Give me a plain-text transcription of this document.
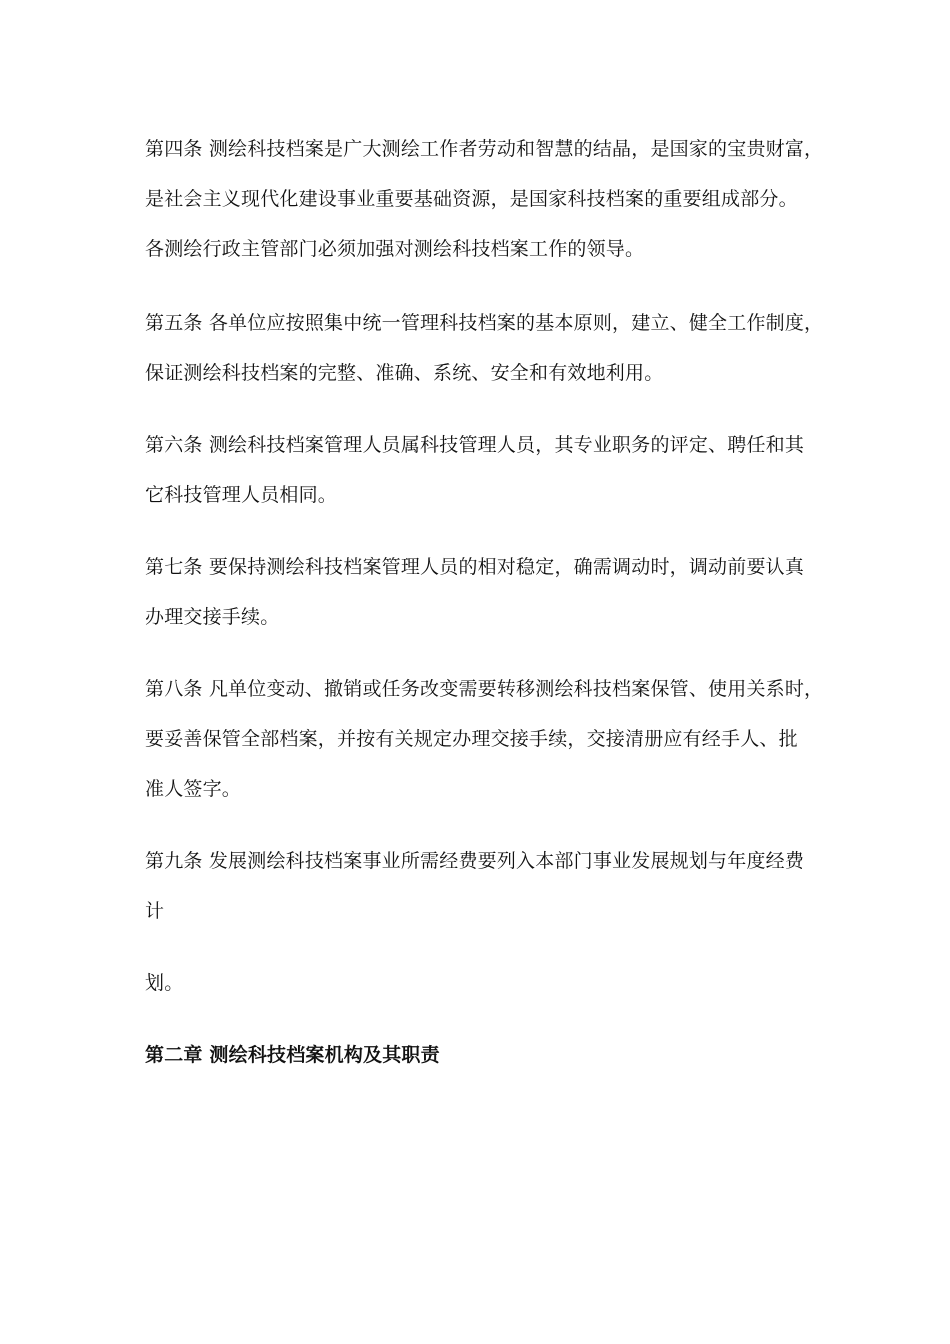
第四条 测绘科技档案是广大测绘工作者劳动和智慧的结晶，是国家的宝贵财富，
是社会主义现代化建设事业重要基础资源，是国家科技档案的重要组成部分。
各测绘行政主管部门必须加强对测绘科技档案工作的领导。
第五条 各单位应按照集中统一管理科技档案的基本原则，建立、健全工作制度，
保证测绘科技档案的完整、准确、系统、安全和有效地利用。
第六条 测绘科技档案管理人员属科技管理人员，其专业职务的评定、聘任和其
它科技管理人员相同。
第七条 要保持测绘科技档案管理人员的相对稳定，确需调动时，调动前要认真
办理交接手续。
第八条 凡单位变动、撤销或任务改变需要转移测绘科技档案保管、使用关系时，
要妥善保管全部档案，并按有关规定办理交接手续，交接清册应有经手人、批
准人签字。
第九条 发展测绘科技档案事业所需经费要列入本部门事业发展规划与年度经费
计
划。
第二章 测绘科技档案机构及其职责
